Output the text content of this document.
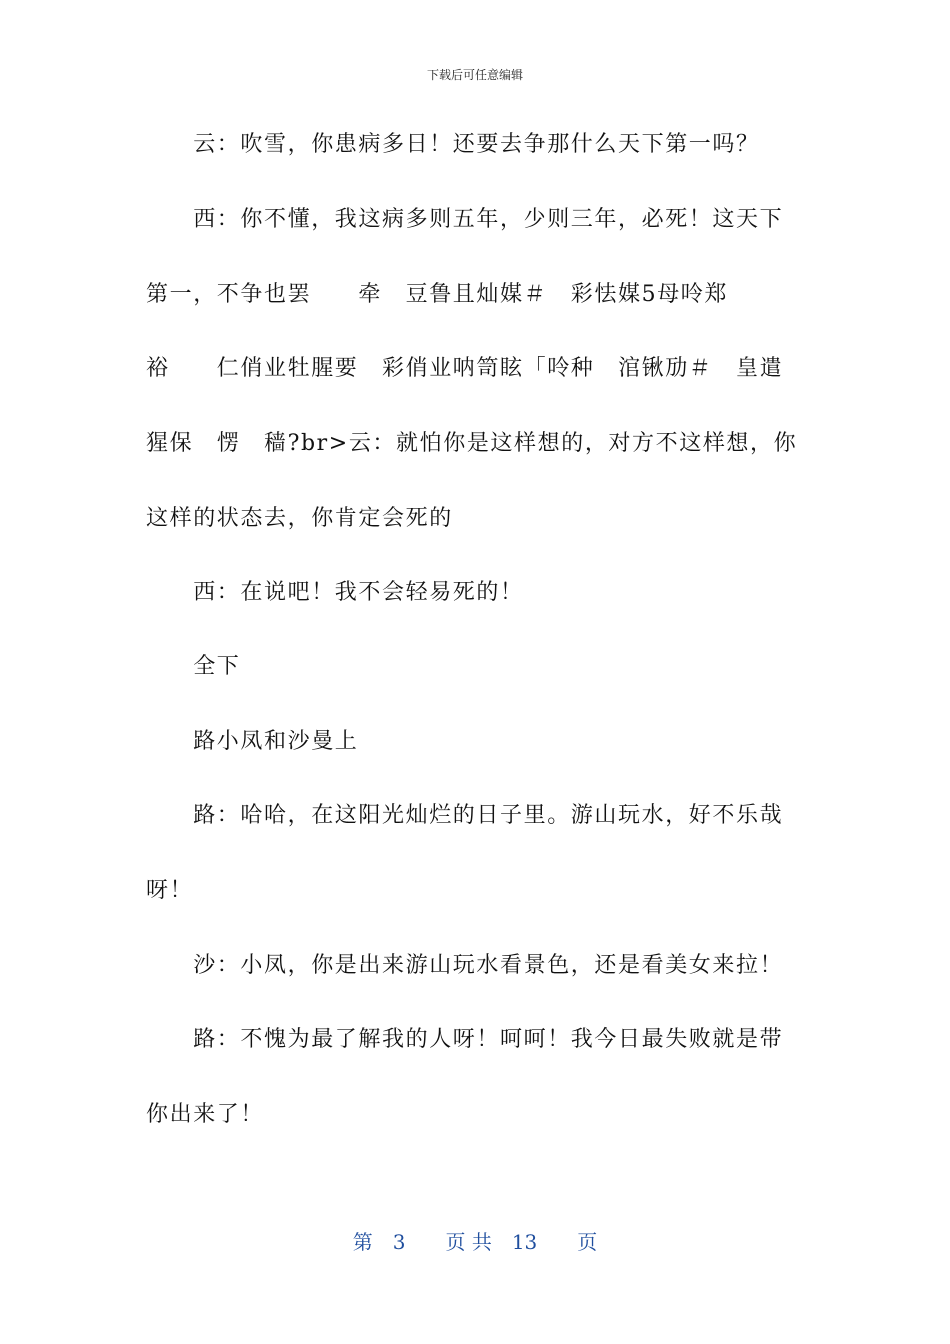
下载后可任意编辑
　　云：吹雪，你患病多日！还要去争那什么天下第一吗？
　　西：你不懂，我这病多则五年，少则三年，必死！这天下
第一，不争也罢　　牵　豆鲁且灿媒＃　彩怯媒5母呤郑
裕　　仁俏业牡腥要　彩俏业呐笥眩「呤种　涫锹劢＃　皇遣
猩保　愣　穑?br>云：就怕你是这样想的，对方不这样想，你
这样的状态去，你肯定会死的
　　西：在说吧！我不会轻易死的！
　　全下
　　路小凤和沙曼上
　　路：哈哈，在这阳光灿烂的日子里。游山玩水，好不乐哉
呀！
　　沙：小凤，你是出来游山玩水看景色，还是看美女来拉！
　　路：不愧为最了解我的人呀！呵呵！我今日最失败就是带
你出来了！
第　3　　页 共　13　　页
